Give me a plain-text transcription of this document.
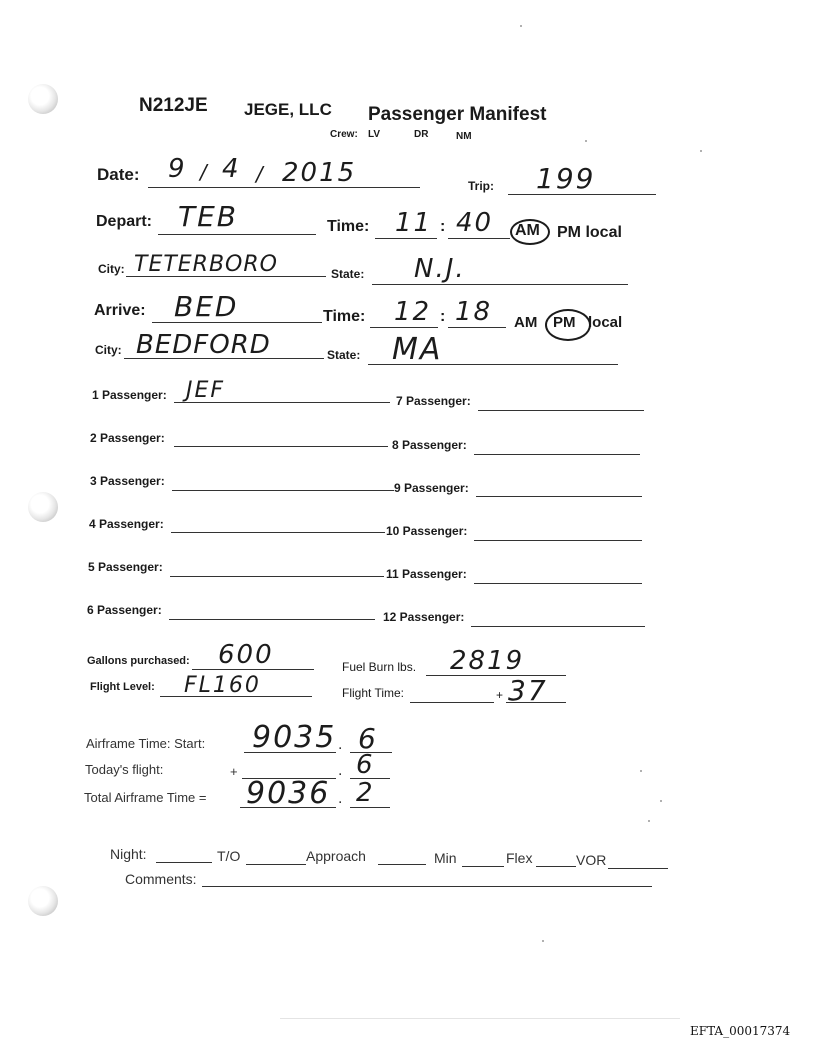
N212JE JEGE, LLC Passenger Manifest
Crew: LV	DR	NM
Date: 9 / 4 / 2015	Trip: 199
Depart: TEB	Time: 11 : 40 AM PM local
City: TETERBORO	State: N.J.
Arrive: BED	Time: 12 : 18 AM PM local
City: BEDFORD	State: MA
1 Passenger: JEF
2 Passenger:
3 Passenger:
4 Passenger:
5 Passenger:
6 Passenger:
7 Passenger:
8 Passenger:
9 Passenger:
10 Passenger:
11 Passenger:
12 Passenger:
Gallons purchased: 600	Fuel Burn lbs. 2819
Flight Level: FL160	Flight Time:	+ 37
Airframe Time: Start: 9035 . 6
Today's flight:	+	. 6
Total Airframe Time = 9036 . 2
Night:	T/O	Approach	Min	Flex	VOR
Comments:
EFTA_00017374
